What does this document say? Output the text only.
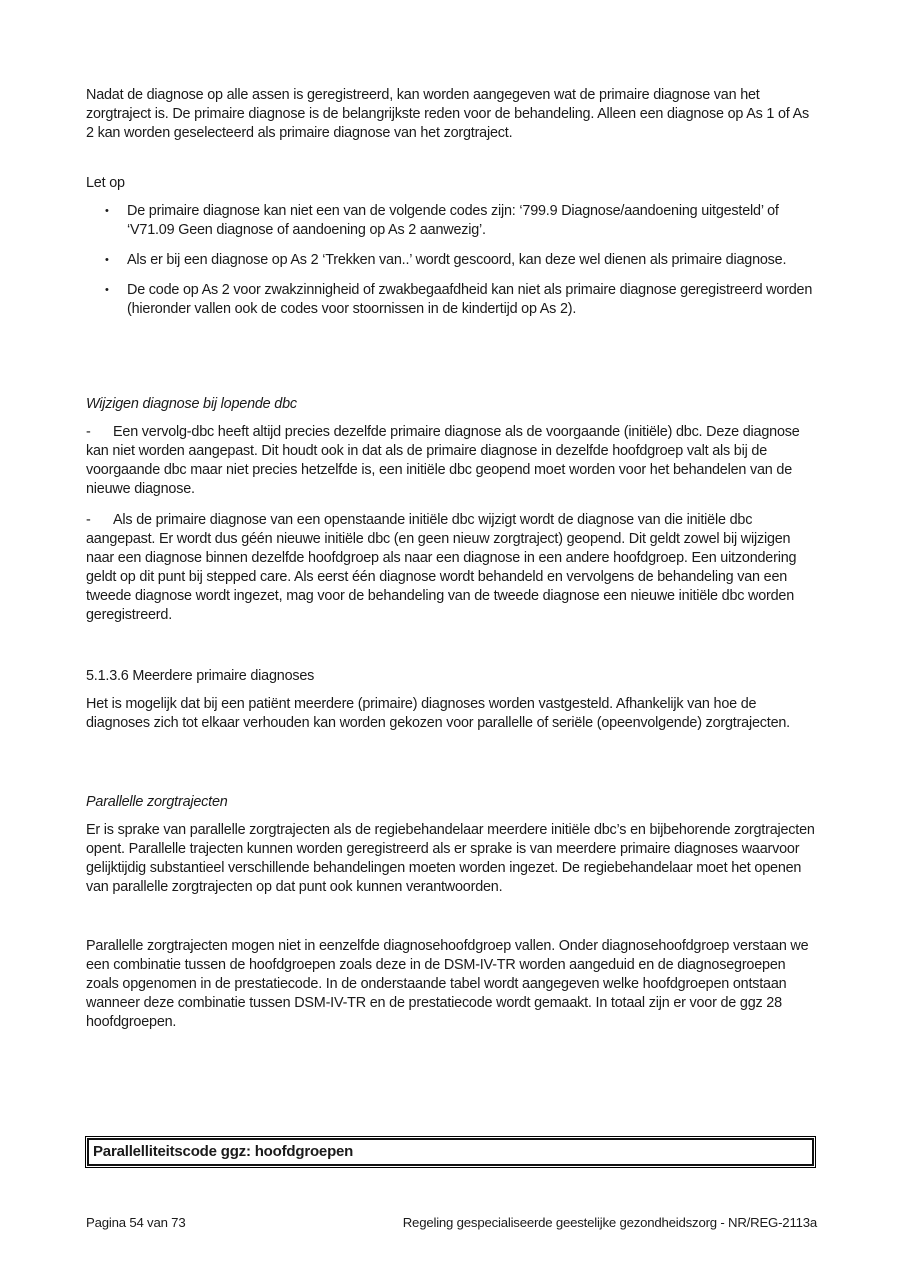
Nadat de diagnose op alle assen is geregistreerd, kan worden aangegeven wat de primaire diagnose van het zorgtraject is. De primaire diagnose is de belangrijkste reden voor de behandeling. Alleen een diagnose op As 1 of As 2 kan worden geselecteerd als primaire diagnose van het zorgtraject.

Let op

•	De primaire diagnose kan niet een van de volgende codes zijn: ‘799.9 Diagnose/aandoening uitgesteld’ of ‘V71.09 Geen diagnose of aandoening op As 2 aanwezig’.
•	Als er bij een diagnose op As 2 ‘Trekken van..’ wordt gescoord, kan deze wel dienen als primaire diagnose.
•	De code op As 2 voor zwakzinnigheid of zwakbegaafdheid kan niet als primaire diagnose geregistreerd worden (hieronder vallen ook de codes voor stoornissen in de kindertijd op As 2).

Wijzigen diagnose bij lopende dbc

- Een vervolg-dbc heeft altijd precies dezelfde primaire diagnose als de voorgaande (initiële) dbc. Deze diagnose kan niet worden aangepast. Dit houdt ook in dat als de primaire diagnose in dezelfde hoofdgroep valt als bij de voorgaande dbc maar niet precies hetzelfde is, een initiële dbc geopend moet worden voor het behandelen van de nieuwe diagnose.

- Als de primaire diagnose van een openstaande initiële dbc wijzigt wordt de diagnose van die initiële dbc aangepast. Er wordt dus géén nieuwe initiële dbc (en geen nieuw zorgtraject) geopend. Dit geldt zowel bij wijzigen naar een diagnose binnen dezelfde hoofdgroep als naar een diagnose in een andere hoofdgroep. Een uitzondering geldt op dit punt bij stepped care. Als eerst één diagnose wordt behandeld en vervolgens de behandeling van een tweede diagnose wordt ingezet, mag voor de behandeling van de tweede diagnose een nieuwe initiële dbc worden geregistreerd.

5.1.3.6 Meerdere primaire diagnoses

Het is mogelijk dat bij een patiënt meerdere (primaire) diagnoses worden vastgesteld. Afhankelijk van hoe de diagnoses zich tot elkaar verhouden kan worden gekozen voor parallelle of seriële (opeenvolgende) zorgtrajecten.

Parallelle zorgtrajecten

Er is sprake van parallelle zorgtrajecten als de regiebehandelaar meerdere initiële dbc’s en bijbehorende zorgtrajecten opent. Parallelle trajecten kunnen worden geregistreerd als er sprake is van meerdere primaire diagnoses waarvoor gelijktijdig substantieel verschillende behandelingen moeten worden ingezet. De regiebehandelaar moet het openen van parallelle zorgtrajecten op dat punt ook kunnen verantwoorden.

Parallelle zorgtrajecten mogen niet in eenzelfde diagnosehoofdgroep vallen. Onder diagnosehoofdgroep verstaan we een combinatie tussen de hoofdgroepen zoals deze in de DSM-IV-TR worden aangeduid en de diagnosegroepen zoals opgenomen in de prestatiecode. In de onderstaande tabel wordt aangegeven welke hoofdgroepen ontstaan wanneer deze combinatie tussen DSM-IV-TR en de prestatiecode wordt gemaakt. In totaal zijn er voor de ggz 28 hoofdgroepen.

Parallelliteitscode ggz: hoofdgroepen
Pagina 54 van 73	Regeling gespecialiseerde geestelijke gezondheidszorg - NR/REG-2113a
